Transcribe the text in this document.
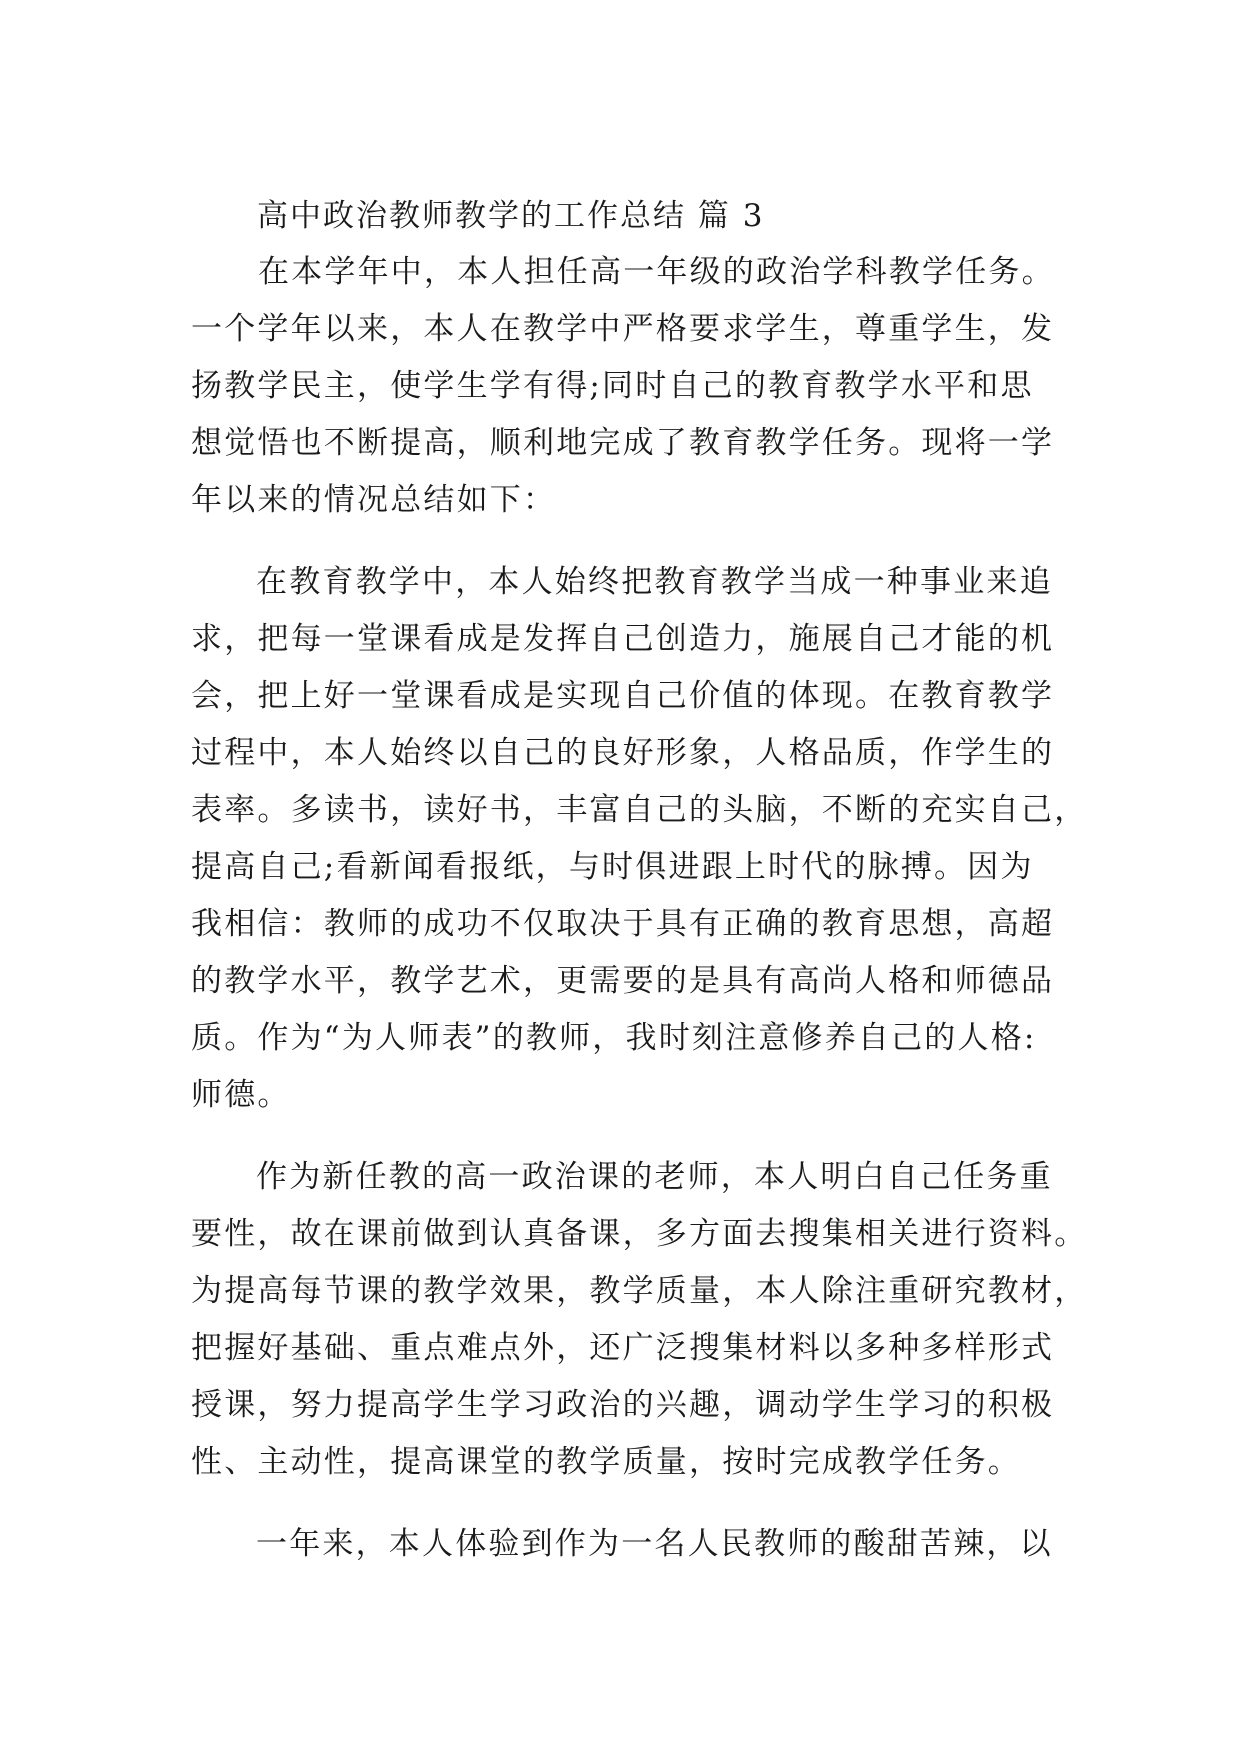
高中政治教师教学的工作总结 篇 3
在本学年中，本人担任高一年级的政治学科教学任务。
一个学年以来，本人在教学中严格要求学生，尊重学生，发
扬教学民主，使学生学有得;同时自己的教育教学水平和思
想觉悟也不断提高，顺利地完成了教育教学任务。现将一学
年以来的情况总结如下：
在教育教学中，本人始终把教育教学当成一种事业来追
求，把每一堂课看成是发挥自己创造力，施展自己才能的机
会，把上好一堂课看成是实现自己价值的体现。在教育教学
过程中，本人始终以自己的良好形象，人格品质，作学生的
表率。多读书，读好书，丰富自己的头脑，不断的充实自己，
提高自己;看新闻看报纸，与时俱进跟上时代的脉搏。因为
我相信：教师的成功不仅取决于具有正确的教育思想，高超
的教学水平，教学艺术，更需要的是具有高尚人格和师德品
质。作为“为人师表”的教师，我时刻注意修养自己的人格:
师德。
作为新任教的高一政治课的老师，本人明白自己任务重
要性，故在课前做到认真备课，多方面去搜集相关进行资料。
为提高每节课的教学效果，教学质量，本人除注重研究教材，
把握好基础、重点难点外，还广泛搜集材料以多种多样形式
授课，努力提高学生学习政治的兴趣，调动学生学习的积极
性、主动性，提高课堂的教学质量，按时完成教学任务。
一年来，本人体验到作为一名人民教师的酸甜苦辣，以
